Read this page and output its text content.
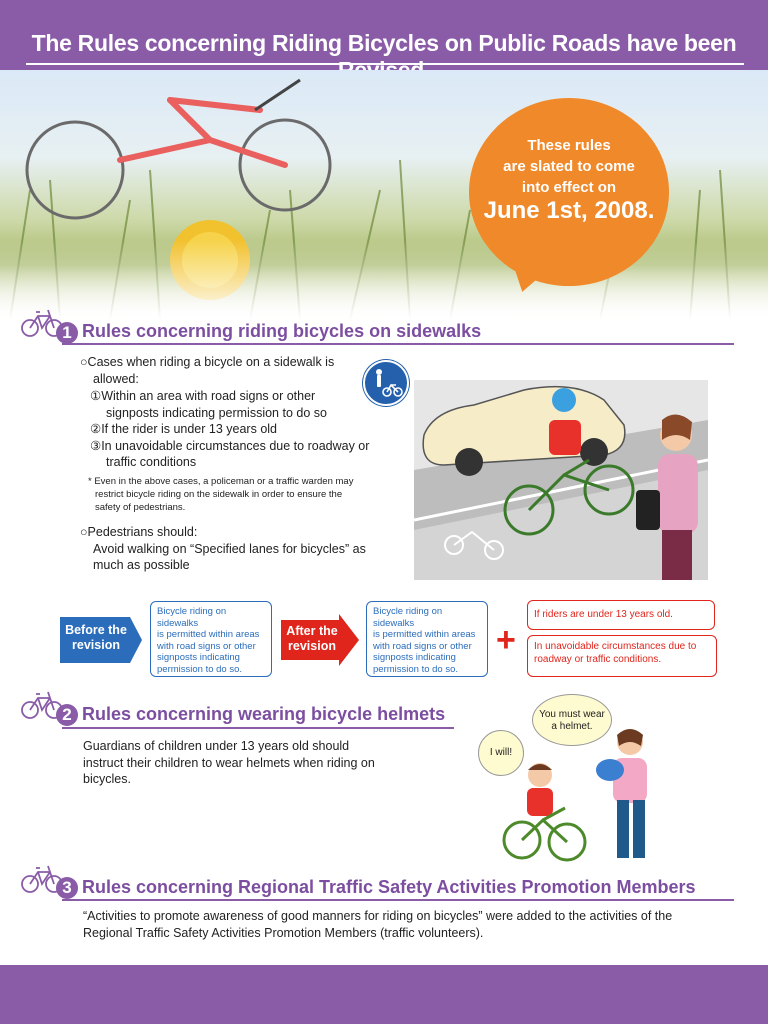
The Rules concerning Riding Bicycles on Public Roads have been
These rules
are slated to come
into effect on
June 1st, 2008.
1 Rules concerning riding bicycles on sidewalks
○Cases when riding a bicycle on a sidewalk is
allowed:
①Within an area with road signs or other
signposts indicating permission to do so
②If the rider is under 13 years old
③In unavoidable circumstances due to roadway or
traffic conditions
* Even in the above cases, a policeman or a traffic warden may
restrict bicycle riding on the sidewalk in order to ensure the
safety of pedestrians.
○Pedestrians should:
Avoid walking on “Specified lanes for bicycles” as
much as possible
Before the
revision
Bicycle riding on sidewalks
is permitted within areas
with road signs or other
signposts indicating
permission to do so.
After the
revision
Bicycle riding on sidewalks
is permitted within areas
with road signs or other
signposts indicating
permission to do so.
+
If riders are under 13 years old.
In unavoidable circumstances due to
roadway or traffic conditions.
2 Rules concerning wearing bicycle helmets
Guardians of children under 13 years old should
instruct their children to wear helmets when riding on
bicycles.
You must wear
a helmet.
I will!
3 Rules concerning Regional Traffic Safety Activities Promotion Members
“Activities to promote awareness of good manners for riding on bicycles” were added to the activities of the
Regional Traffic Safety Activities Promotion Members (traffic volunteers).
